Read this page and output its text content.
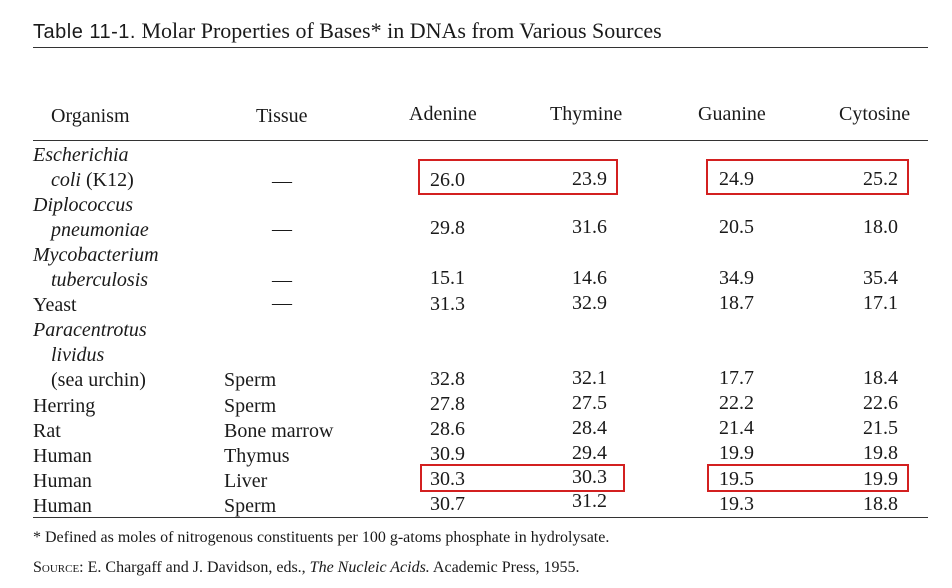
Table 11-1. Molar Properties of Bases* in DNAs from Various Sources
Organism	Tissue	Adenine	Thymine	Guanine	Cytosine
Escherichia
coli (K12)	—	26.0	23.9	24.9	25.2
Diplococcus
pneumoniae	—	29.8	31.6	20.5	18.0
Mycobacterium
tuberculosis	—	15.1	14.6	34.9	35.4
Yeast	—	31.3	32.9	18.7	17.1
Paracentrotus
lividus
(sea urchin)	Sperm	32.8	32.1	17.7	18.4
Herring	Sperm	27.8	27.5	22.2	22.6
Rat	Bone marrow	28.6	28.4	21.4	21.5
Human	Thymus	30.9	29.4	19.9	19.8
Human	Liver	30.3	30.3	19.5	19.9
Human	Sperm	30.7	31.2	19.3	18.8
* Defined as moles of nitrogenous constituents per 100 g-atoms phosphate in hydrolysate.
Source: E. Chargaff and J. Davidson, eds., The Nucleic Acids. Academic Press, 1955.
